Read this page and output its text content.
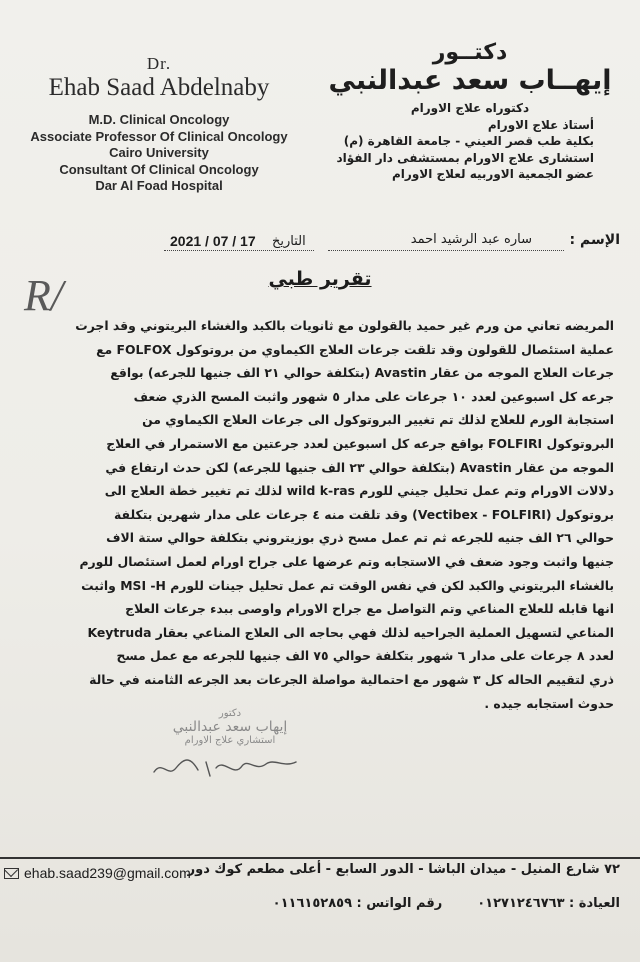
Dr.
Ehab Saad Abdelnaby
M.D. Clinical Oncology
Associate Professor Of Clinical Oncology
Cairo University
Consultant Of Clinical Oncology
Dar Al Foad Hospital
دكتــور
إيهــاب سعد عبدالنبي
دكتوراه علاج الاورام
أستاذ علاج الاورام
بكلية طب قصر العيني - جامعة القاهرة (م)
استشارى علاج الاورام بمستشفى دار الفؤاد
عضو الجمعية الاوربيه لعلاج الاورام
الإسم :
ساره عبد الرشيد احمد
التاريخ
2021 / 07 / 17
R/	تقرير طبي
المريضه تعاني من ورم غير حميد بالقولون مع ثانويات بالكبد والغشاء البريتوني وقد اجرت
عملية استئصال للقولون وقد تلقت جرعات العلاج الكيماوي من بروتوكول FOLFOX مع
جرعات العلاج الموجه من عقار Avastin (بتكلفة حوالي ٢١ الف جنيها للجرعه) بواقع
جرعه كل اسبوعين لعدد ١٠ جرعات على مدار ٥ شهور واثبت المسح الذري ضعف
استجابة الورم للعلاج لذلك تم تغيير البروتوكول الى جرعات العلاج الكيماوي من
البروتوكول FOLFIRI بواقع جرعه كل اسبوعين لعدد جرعتين مع الاستمرار في العلاج
الموجه من عقار Avastin (بتكلفة حوالي ٢٣ الف جنيها للجرعه) لكن حدث ارتفاع في
دلالات الاورام وتم عمل تحليل جيني للورم wild k-ras لذلك تم تغيير خطة العلاج الى
بروتوكول (Vectibex - FOLFIRI) وقد تلقت منه ٤ جرعات على مدار شهرين بتكلفة
حوالي ٢٦ الف جنيه للجرعه ثم تم عمل مسح ذري بوزيتروني بتكلفة حوالي ستة الاف
جنيها واثبت وجود ضعف في الاستجابه وتم عرضها على جراح اورام لعمل استئصال للورم
بالغشاء البريتوني والكبد لكن في نفس الوقت تم عمل تحليل جينات للورم MSI -H واثبت
انها قابله للعلاج المناعي وتم التواصل مع جراح الاورام واوصى ببدء جرعات العلاج
المناعي لتسهيل العملية الجراحيه لذلك فهي بحاجه الى العلاج المناعي بعقار Keytruda
لعدد ٨ جرعات على مدار ٦ شهور بتكلفة حوالي ٧٥ الف جنيها للجرعه مع عمل مسح
ذري لتقييم الحاله كل ٣ شهور مع احتمالية مواصلة الجرعات بعد الجرعه الثامنه في حالة
حدوث استجابه جيده .
دكتور
إيهاب سعد عبدالنبي
استشاري علاج الاورام
ehab.saad239@gmail.com
٧٢ شارع المنيل - ميدان الباشا - الدور السابع - أعلى مطعم كوك دور
العيادة : ٠١٢٧١٢٤٦٧٦٣  رقم الواتس : ٠١١٦١٥٢٨٥٩
